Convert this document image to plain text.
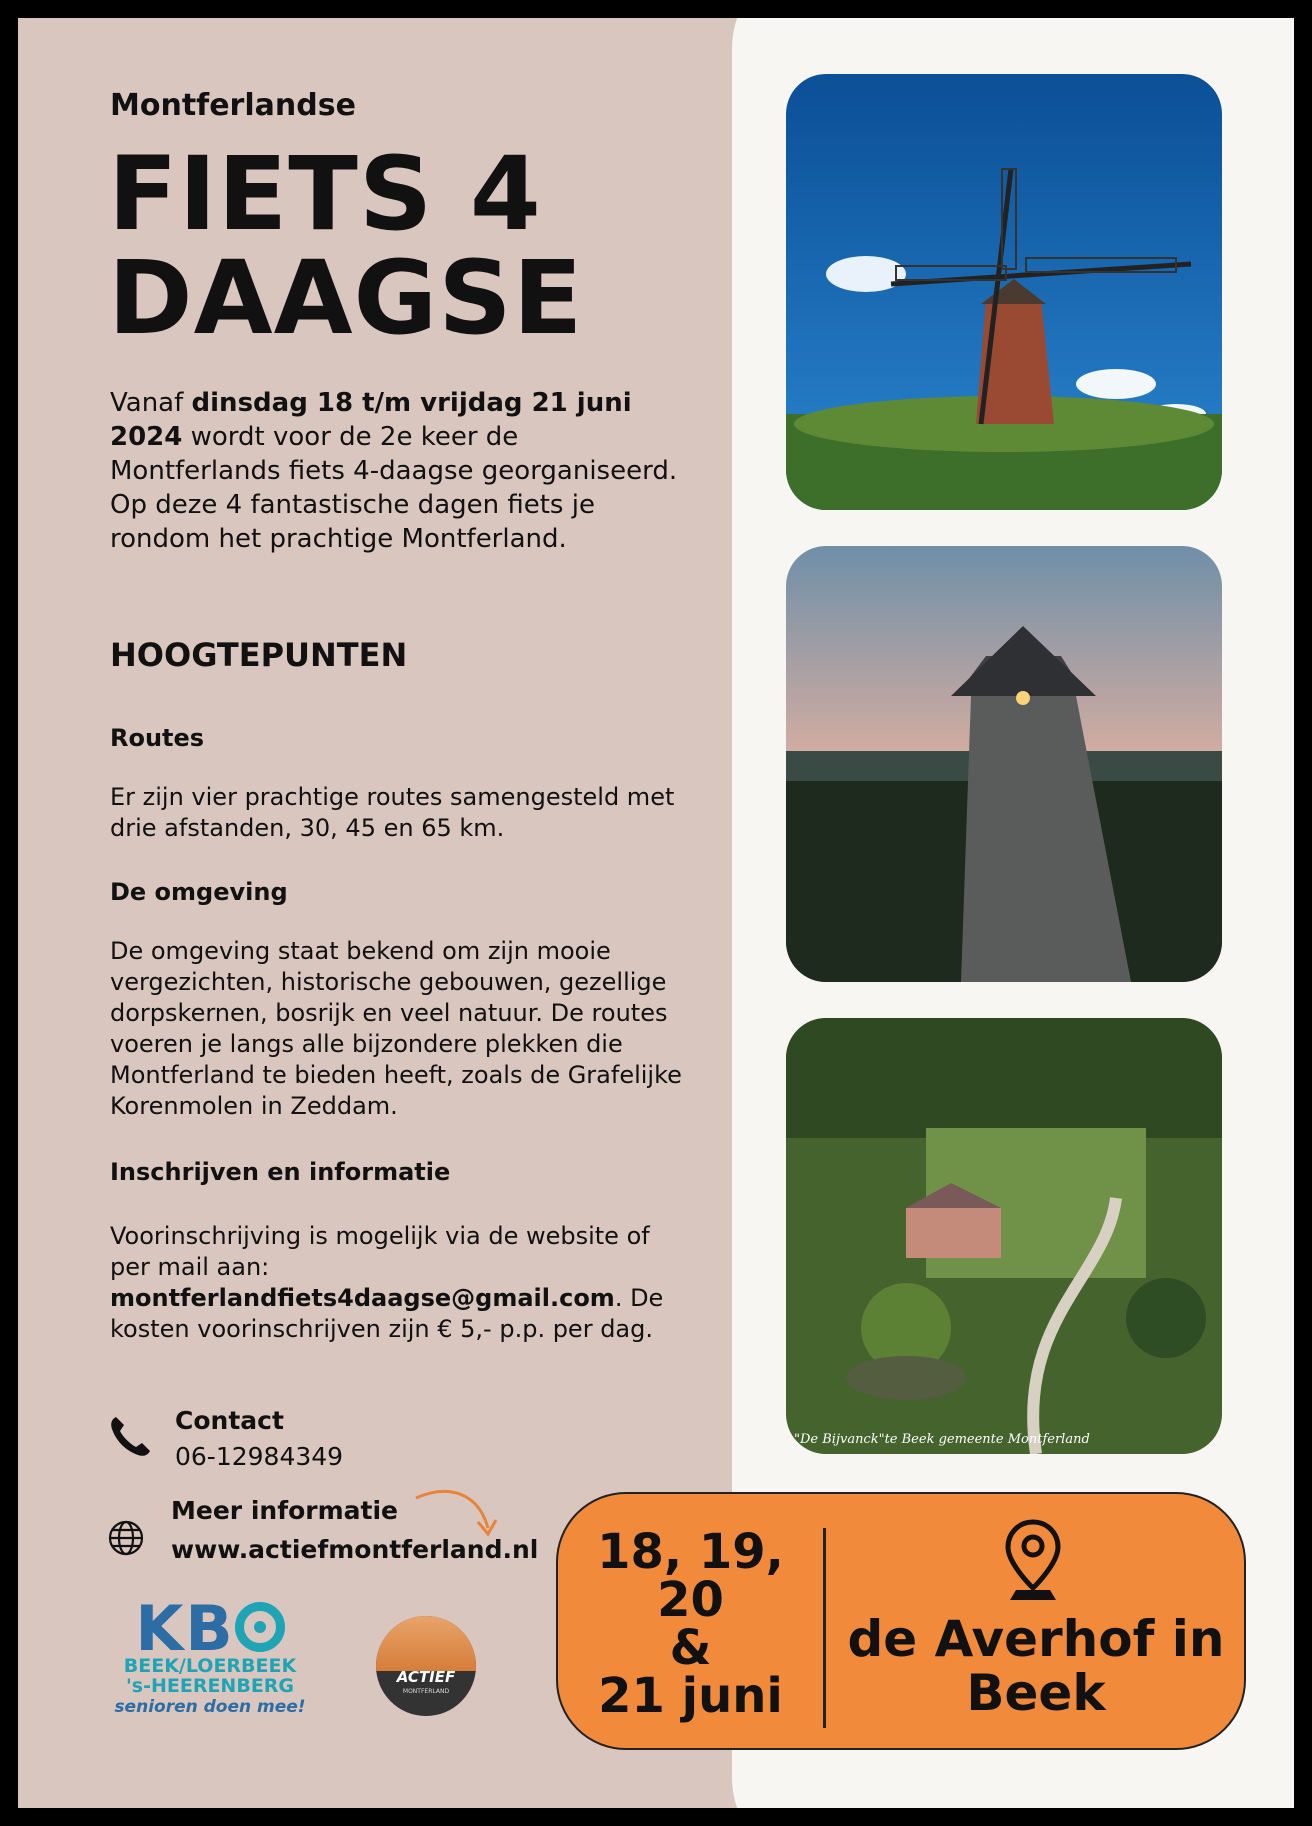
Montferlandse
FIETS 4
DAAGSE

Vanaf dinsdag 18 t/m vrijdag 21 juni 2024 wordt voor de 2e keer de Montferlands fiets 4-daagse georganiseerd. Op deze 4 fantastische dagen fiets je rondom het prachtige Montferland.

HOOGTEPUNTEN
Routes

Er zijn vier prachtige routes samengesteld met drie afstanden, 30, 45 en 65 km.

De omgeving

De omgeving staat bekend om zijn mooie vergezichten, historische gebouwen, gezellige dorpskernen, bosrijk en veel natuur. De routes voeren je langs alle bijzondere plekken die Montferland te bieden heeft, zoals de Grafelijke Korenmolen in Zeddam.

Inschrijven en informatie

Voorinschrijving is mogelijk via de website of per mail aan: montferlandfiets4daagse@gmail.com. De kosten voorinschrijven zijn € 5,- p.p. per dag.

Contact
06-12984349
Meer informatie
www.actiefmontferland.nl
KB
BEEK/LOERBEEK
's-HEERENBERG
senioren doen mee!
ACTIEF
MONTFERLAND
"De Bijvanck"te Beek gemeente Montferland
18, 19, 20
&
21 juni
de Averhof in
Beek
